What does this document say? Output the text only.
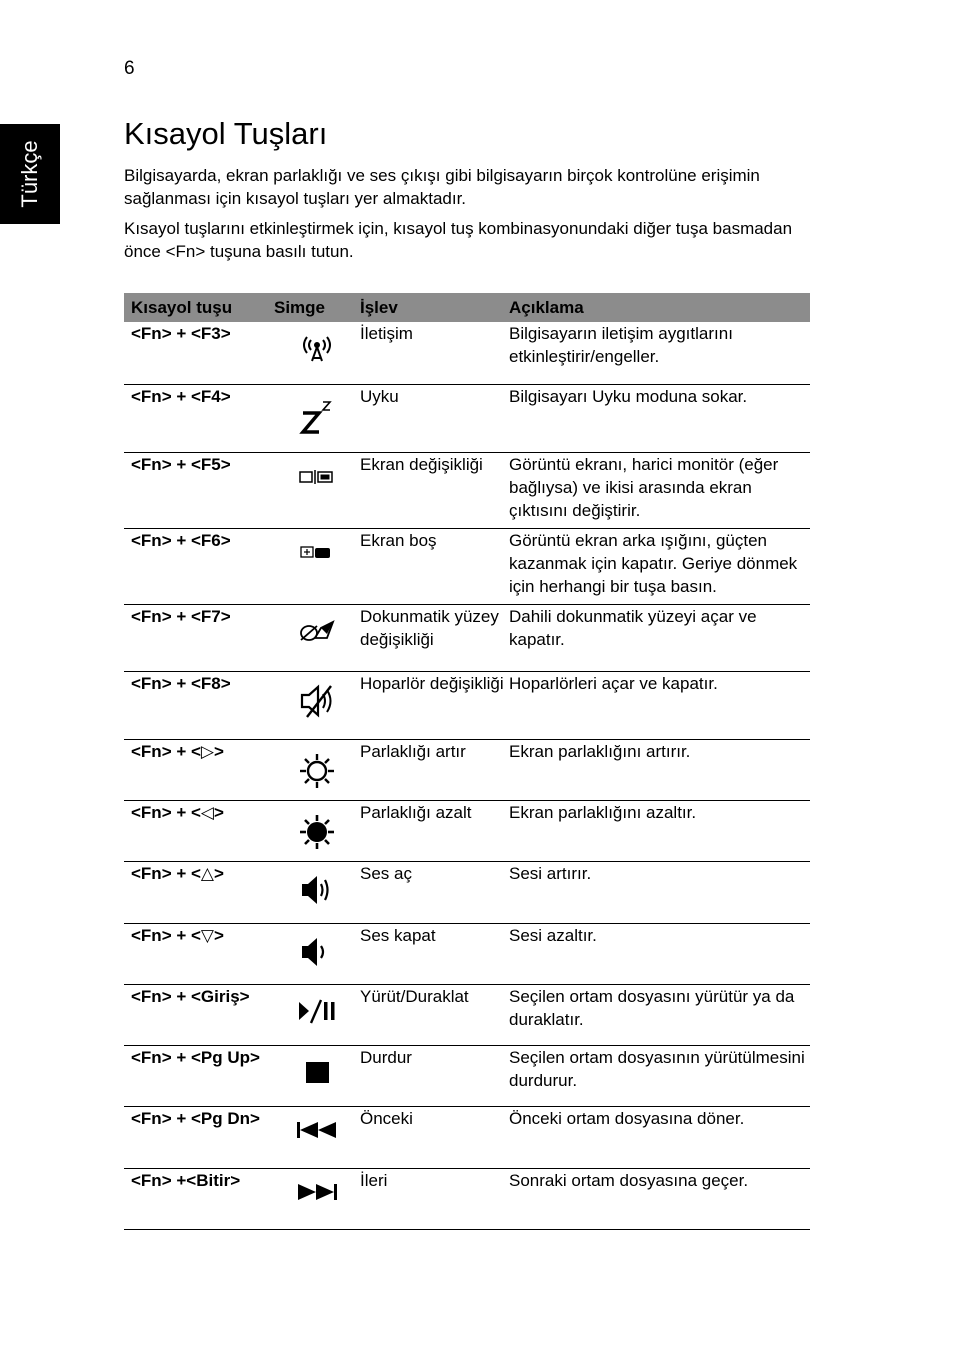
6
Türkçe
Kısayol Tuşları

Bilgisayarda, ekran parlaklığı ve ses çıkışı gibi bilgisayarın birçok kontrolüne erişimin sağlanması için kısayol tuşları yer almaktadır.

Kısayol tuşlarını etkinleştirmek için, kısayol tuş kombinasyonundaki diğer tuşa basmadan önce <Fn> tuşuna basılı tutun.

Kısayol tuşu	Simge	İşlev	Açıklama
<Fn> + <F3>		İletişim	Bilgisayarın iletişim aygıtlarını etkinleştirir/engeller.
<Fn> + <F4>		Uyku	Bilgisayarı Uyku moduna sokar.
<Fn> + <F5>		Ekran değişikliği	Görüntü ekranı, harici monitör (eğer bağlıysa) ve ikisi arasında ekran çıktısını değiştirir.
<Fn> + <F6>		Ekran boş	Görüntü ekran arka ışığını, güçten kazanmak için kapatır. Geriye dönmek için herhangi bir tuşa basın.
<Fn> + <F7>		Dokunmatik yüzey değişikliği	Dahili dokunmatik yüzeyi açar ve kapatır.
<Fn> + <F8>		Hoparlör değişikliği	Hoparlörleri açar ve kapatır.
<Fn> + <▷>		Parlaklığı artır	Ekran parlaklığını artırır.
<Fn> + <◁>		Parlaklığı azalt	Ekran parlaklığını azaltır.
<Fn> + <△>		Ses aç	Sesi artırır.
<Fn> + <▽>		Ses kapat	Sesi azaltır.
<Fn> + <Giriş>		Yürüt/Duraklat	Seçilen ortam dosyasını yürütür ya da duraklatır.
<Fn> + <Pg Up>		Durdur	Seçilen ortam dosyasının yürütülmesini durdurur.
<Fn> + <Pg Dn>		Önceki	Önceki ortam dosyasına döner.
<Fn> +<Bitir>		İleri	Sonraki ortam dosyasına geçer.
